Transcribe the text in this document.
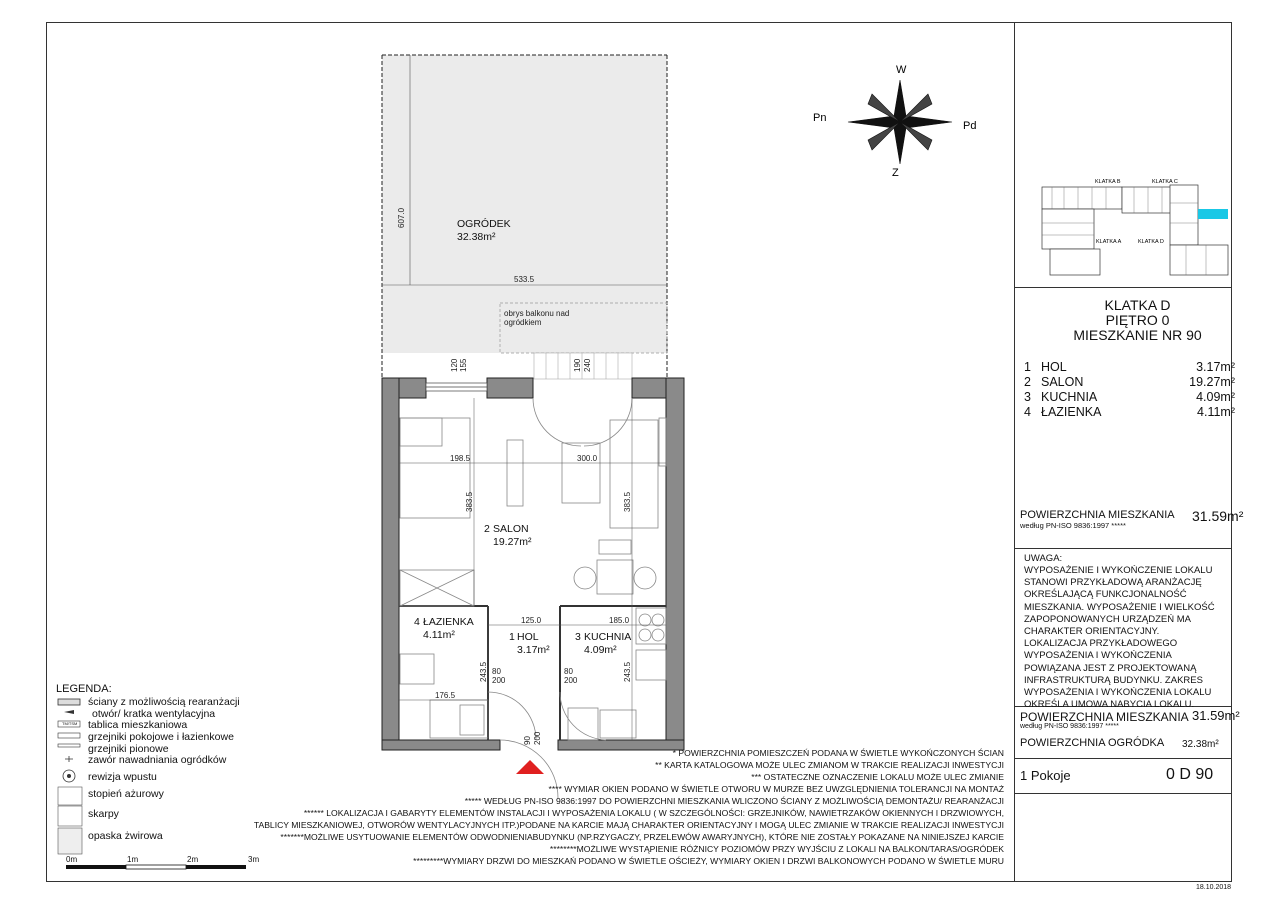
607.0
533.5
obrys balkonu nad
ogródkiem
120 155	190 240
198.5	300.0
383.5	383.5
125.0	185.0
243.5	243.5
176.5
80
200
80
200
90 200
W
Pd
Z
Pn
OGRÓDEK
32.38m²
2 SALON
19.27m²
4 ŁAZIENKA
4.11m²	1 HOL
3.17m²
3 KUCHNIA
4.09m²
KLATKA B	KLATKA C
KLATKA A	KLATKA D
KLATKA D
PIĘTRO 0
MIESZKANIE NR 90
1 HOL	3.17m²
2 SALON	19.27m²
3 KUCHNIA	4.09m²
4 ŁAZIENKA	4.11m²
POWIERZCHNIA MIESZKANIA
według PN-ISO 9836:1997 *****
31.59m²
UWAGA:
WYPOSAŻENIE I WYKOŃCZENIE LOKALU STANOWI PRZYKŁADOWĄ ARANŻACJĘ OKREŚLAJĄCĄ FUNKCJONALNOŚĆ MIESZKANIA. WYPOSAŻENIE I WIELKOŚĆ ZAPOPONOWANYCH URZĄDZEŃ MA CHARAKTER ORIENTACYJNY. LOKALIZACJA PRZYKŁADOWEGO WYPOSAŻENIA I WYKOŃCZENIA POWIĄZANA JEST Z PROJEKTOWANĄ INFRASTRUKTURĄ BUDYNKU. ZAKRES WYPOSAŻENIA I WYKOŃCZENIA LOKALU OKREŚLA UMOWA NABYCIA LOKALU.
POWIERZCHNIA MIESZKANIA
według PN-ISO 9836:1997 *****
31.59m²
POWIERZCHNIA OGRÓDKA 32.38m²
1 Pokoje	0 D 90
* POWIERZCHNIA POMIESZCZEŃ PODANA W ŚWIETLE WYKOŃCZONYCH ŚCIAN
** KARTA KATALOGOWA MOŻE ULEC ZMIANOM W TRAKCIE REALIZACJI INWESTYCJI
*** OSTATECZNE OZNACZENIE LOKALU MOŻE ULEC ZMIANIE
**** WYMIAR OKIEN PODANO W ŚWIETLE OTWORU W MURZE BEZ UWZGLĘDNIENIA TOLERANCJI NA MONTAŻ
***** WEDŁUG PN-ISO 9836:1997 DO POWIERZCHNI MIESZKANIA WLICZONO ŚCIANY Z MOŻLIWOŚCIĄ DEMONTAŻU/ REARANŻACJI
****** LOKALIZACJA I GABARYTY ELEMENTÓW INSTALACJI I WYPOSAŻENIA LOKALU ( W SZCZEGÓLNOŚCI: GRZEJNIKÓW, NAWIETRZAKÓW OKIENNYCH I DRZWIOWYCH,
TABLICY MIESZKANIOWEJ, OTWORÓW WENTYLACYJNYCH ITP.)PODANE NA KARCIE MAJĄ CHARAKTER ORIENTACYJNY I MOGĄ ULEC ZMIANIE W TRAKCIE REALIZACJI INWESTYCJI
*******MOŻLIWE USYTUOWANIE ELEMENTÓW ODWODNIENIABUDYNKU (NP.RZYGACZY, PRZELEWÓW AWARYJNYCH), KTÓRE NIE ZOSTAŁY POKAZANE NA NINIEJSZEJ KARCIE
********MOŻLIWE WYSTĄPIENIE RÓŻNICY POZIOMÓW PRZY WYJŚCIU Z LOKALI NA BALKON/TARAS/OGRÓDEK
*********WYMIARY DRZWI DO MIESZKAŃ PODANO W ŚWIETLE OŚCIEŻY, WYMIARY OKIEN I DRZWI BALKONOWYCH PODANO W ŚWIETLE MURU
18.10.2018
LEGENDA:
TM/TSM
ściany z możliwością rearanżacji
otwór/ kratka wentylacyjna
tablica mieszkaniowa
grzejniki pokojowe i łazienkowe
grzejniki pionowe
zawór nawadniania ogródków
rewizja wpustu
stopień ażurowy
skarpy
opaska żwirowa
0m	1m	2m	3m
